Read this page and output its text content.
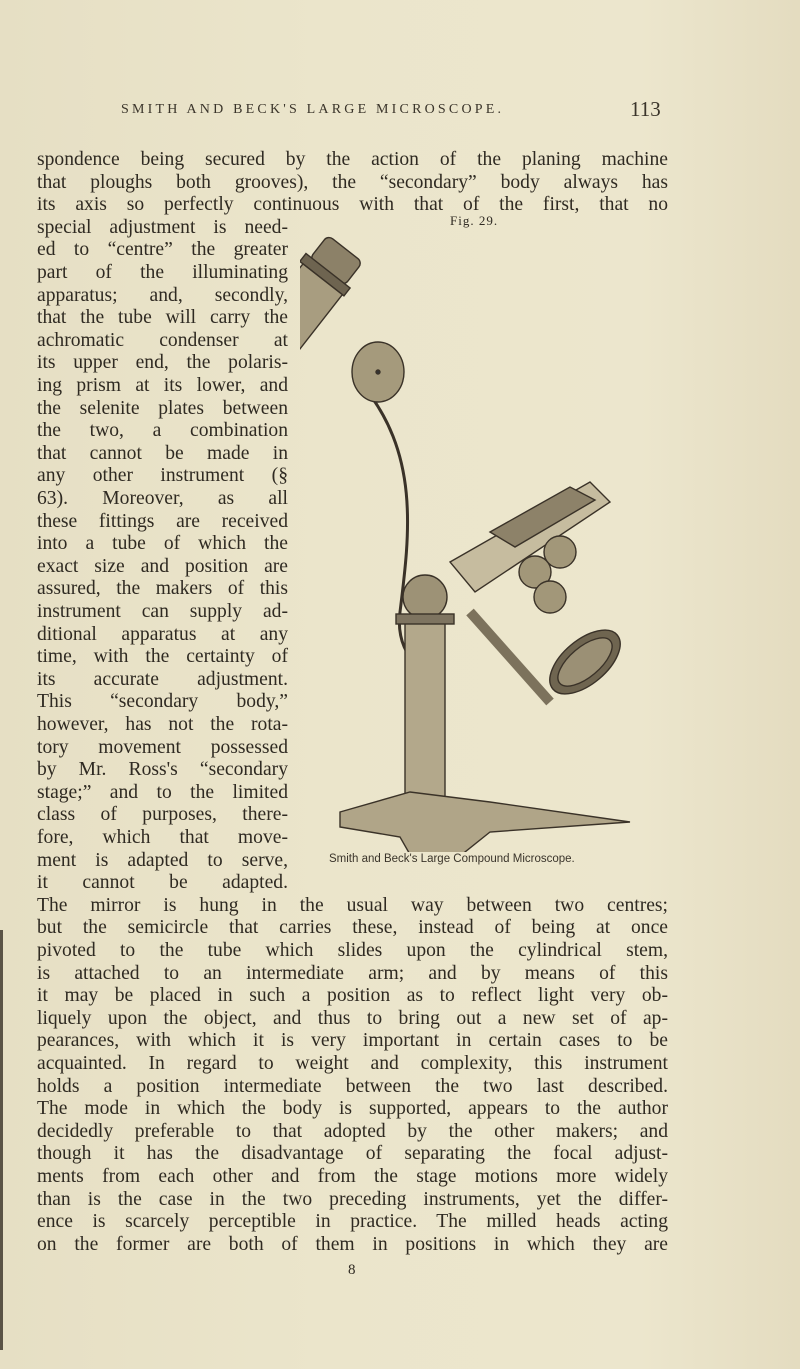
SMITH AND BECK'S LARGE MICROSCOPE.	113
spondence being secured by the action of the planing machine
that ploughs both grooves), the “secondary” body always has
its axis so perfectly continuous with that of the first, that no
special adjustment is need-
ed to “centre” the greater
part of the illuminating
apparatus; and, secondly,
that the tube will carry the
achromatic condenser at
its upper end, the polaris-
ing prism at its lower, and
the selenite plates between
the two, a combination
that cannot be made in
any other instrument (§
63). Moreover, as all
these fittings are received
into a tube of which the
exact size and position are
assured, the makers of this
instrument can supply ad-
ditional apparatus at any
time, with the certainty of
its accurate adjustment.
This “secondary body,”
however, has not the rota-
tory movement possessed
by Mr. Ross's “secondary
stage;” and to the limited
class of purposes, there-
fore, which that move-
ment is adapted to serve,
it cannot be adapted.
The mirror is hung in the usual way between two centres;
but the semicircle that carries these, instead of being at once
pivoted to the tube which slides upon the cylindrical stem,
is attached to an intermediate arm; and by means of this
it may be placed in such a position as to reflect light very ob-
liquely upon the object, and thus to bring out a new set of ap-
pearances, with which it is very important in certain cases to be
acquainted. In regard to weight and complexity, this instrument
holds a position intermediate between the two last described.
The mode in which the body is supported, appears to the author
decidedly preferable to that adopted by the other makers; and
though it has the disadvantage of separating the focal adjust-
ments from each other and from the stage motions more widely
than is the case in the two preceding instruments, yet the differ-
ence is scarcely perceptible in practice. The milled heads acting
on the former are both of them in positions in which they are
Fig. 29.
Smith and Beck's Large Compound Microscope.
8
